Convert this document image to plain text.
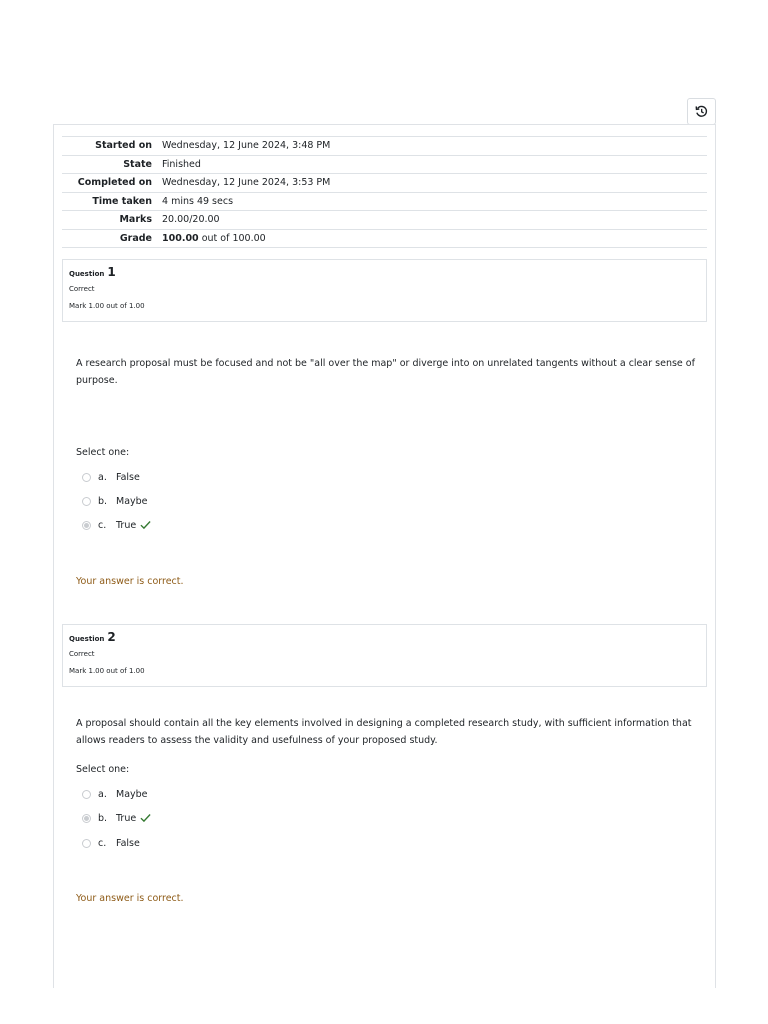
Started on	Wednesday, 12 June 2024, 3:48 PM
State	Finished
Completed on	Wednesday, 12 June 2024, 3:53 PM
Time taken	4 mins 49 secs
Marks	20.00/20.00
Grade	100.00 out of 100.00
Question 1
Correct
Mark 1.00 out of 1.00
A research proposal must be focused and not be "all over the map" or diverge into on unrelated tangents without a clear sense of purpose.
Select one:
a. False
b. Maybe
c.	True
Your answer is correct.
Question 2
Correct
Mark 1.00 out of 1.00
A proposal should contain all the key elements involved in designing a completed research study, with sufficient information that allows readers to assess the validity and usefulness of your proposed study.
Select one:
a. Maybe
b. True
c.	False
Your answer is correct.
